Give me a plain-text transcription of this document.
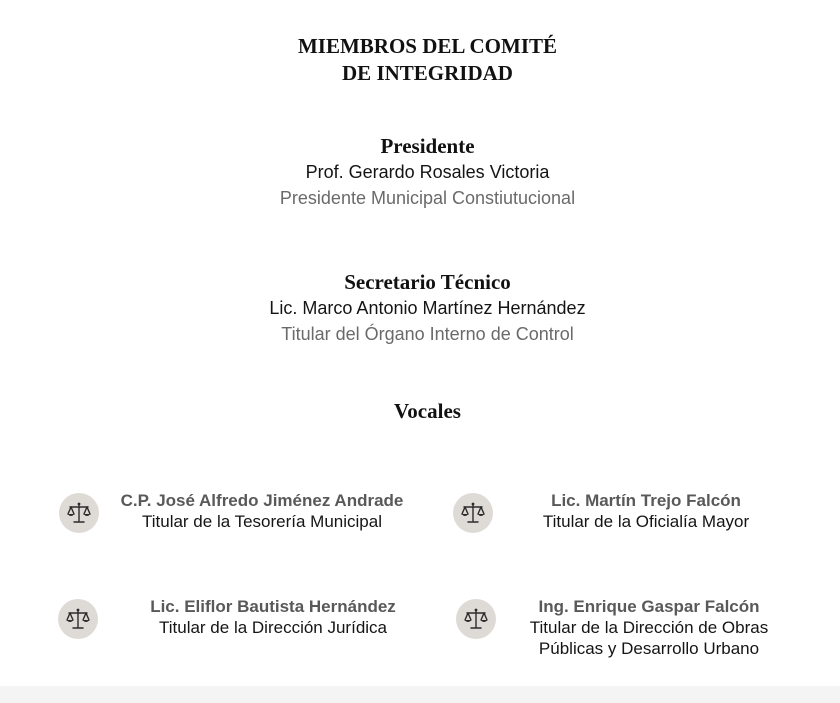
MIEMBROS DEL COMITÉ
DE INTEGRIDAD
Presidente
Prof. Gerardo Rosales Victoria
Presidente Municipal Constiutucional
Secretario Técnico
Lic. Marco Antonio Martínez Hernández
Titular del Órgano Interno de Control
Vocales
C.P. José Alfredo Jiménez Andrade
Titular de la Tesorería Municipal
Lic. Martín Trejo Falcón
Titular de la Oficialía Mayor
Lic. Eliflor Bautista Hernández
Titular de la Dirección Jurídica
Ing. Enrique Gaspar Falcón
Titular de la Dirección de Obras Públicas y Desarrollo Urbano
